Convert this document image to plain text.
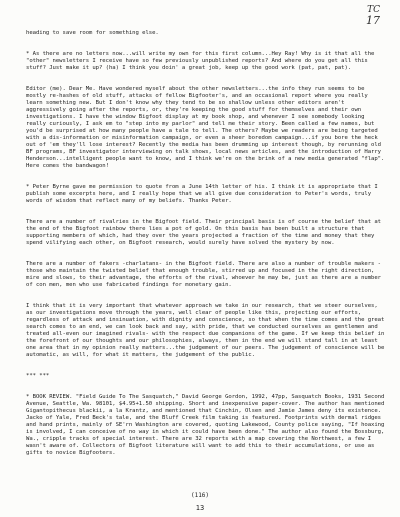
TC
17

heading to save room for something else.

* As there are no letters now...will write my own for this first column...Hey Ray! Why is it that all the "other" newsletters I receive have so few previously unpublished reports? And where do you get all this stuff? Just make it up? (ha) I think you doin' a great job, keep up the good work (pat, pat, pat).

Editor (me). Dear Me. Have wondered myself about the other newsletters...the info they run seems to be mostly re-hashes of old stuff, attacks of fellow Bigfooter's, and an occasional report where you really learn something new. But I don't know why they tend to be so shallow unless other editors aren't aggressively going after the reports, or, they're keeping the good stuff for themselves and their own investigations. I have the window Bigfoot display at my book shop, and whenever I see somebody looking really curiously, I ask em to "step into my parlor" and tell me their story. Been called a few names, but you'd be surprised at how many people have a tale to tell. The others? Maybe we readers are being targeted with a dis-information or misinformation campaign, or even a sheer boredom campaign...if you bore the heck out of 'em they'll lose interest? Recently the media has been drumming up interest though, by rerunning old BF programs, BF investigator interviewing on talk shows, local news articles, and the introduction of Harry Henderson...intelligent people want to know, and I think we're on the brink of a new media generated "flap". Here comes the bandwagon!

* Peter Byrne gave me permission to quote from a June 14th letter of his. I think it is appropriate that I publish some excerpts here, and I really hope that we all give due consideration to Peter's words, truly words of wisdom that reflect many of my beliefs. Thanks Peter.

There are a number of rivalries in the Bigfoot field. Their principal basis is of course the belief that at the end of the Bigfoot rainbow there lies a pot of gold. On this basis has been built a structure that supporting members of which, had they over the years projected a fraction of the time and money that they spend vilifying each other, on Bigfoot research, would surely have solved the mystery by now.

There are a number of fakers -charlatans- in the Bigfoot field. There are also a number of trouble makers -those who maintain the twisted belief that enough trouble, stirred up and focused in the right direction, mire and slows, to their advantage, the efforts of the rival, whoever he may be, just as there are a number of con men, men who use fabricated findings for monetary gain.

I think that it is very important that whatever approach we take in our research, that we steer ourselves, as our investigations move through the years, well clear of people like this, projecting our efforts, regardless of attack and insinuation, with dignity and conscience, so that when the time comes and the great search comes to an end, we can look back and say, with pride, that we conducted ourselves as gentlemen and treated all-even our imagined rivals- with the respect due companions of the game. If we keep this belief in the forefront of our thoughts and our philosophies, always, then in the end we will stand tall in at least one area that in my opinion really matters...the judgement of our peers. The judgement of conscience will be automatic, as will, for what it matters, the judgement of the public.

*** ***

* BOOK REVIEW. "Field Guide To The Sasquatch," David George Gordon, 1992, 47pp, Sasquatch Books, 1931 Second Avenue, Seattle, Wa. 98101, $4.95+1.50 shipping. Short and inexpensive paper-cover. The author has mentioned Gigantopithecus blackii, a la Krantz, and mentioned that Cinchin, Olsen and Jamie James deny its existence. Jacko of Yale, Fred Beck's tale, and the Bluff Creek film taking is featured. Footprints with dermal ridges and hand prints, mainly of SE'rn Washington are covered, quoting Lakewood, County police saying, "If hoaxing is involved, I can conceive of no way in which it could have been done." The author also found the Bossburg, Wa., cripple tracks of special interest. There are 32 reports with a map covering the Northwest, a few I wasn't aware of. Collectors of Bigfoot literature will want to add this to their accumulations, or use as gifts to novice Bigfooters.

(116)
13
